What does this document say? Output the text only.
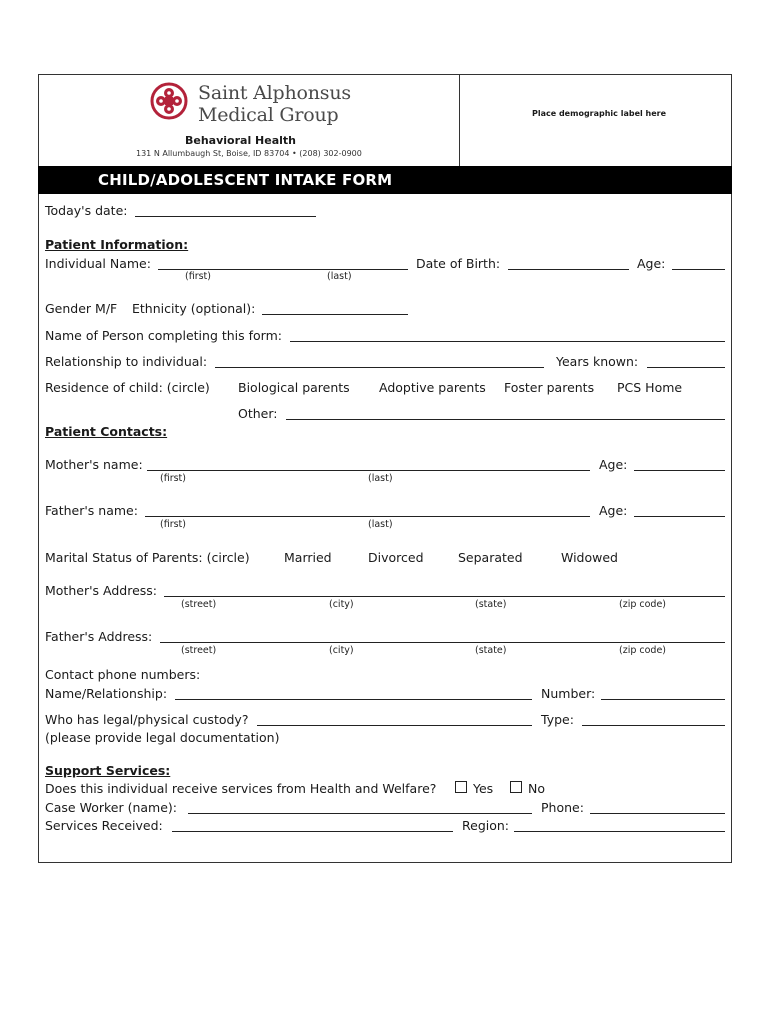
Saint Alphonsus
Medical Group
Behavioral Health
131 N Allumbaugh St, Boise, ID 83704 • (208) 302-0900
Place demographic label here
CHILD/ADOLESCENT INTAKE FORM
Today's date:
Patient Information:
Individual Name:
(first)	(last)
Date of Birth:	Age:
Gender M/F Ethnicity (optional):
Name of Person completing this form:
Relationship to individual:	Years known:
Residence of child: (circle) Biological parents Adoptive parents Foster parents PCS Home
Other:
Patient Contacts:
Mother's name:
(first)	(last)
Age:
Father's name:
(first)	(last)
Age:
Marital Status of Parents: (circle)	Married	Divorced	Separated	Widowed
Mother's Address:
(street)	(city)	(state)	(zip code)
Father's Address:
(street)	(city)	(state)	(zip code)
Contact phone numbers:
Name/Relationship:	Number:
Who has legal/physical custody?	Type:
(please provide legal documentation)
Support Services:
Does this individual receive services from Health and Welfare?	Yes	No
Case Worker (name):	Phone:
Services Received:	Region:
